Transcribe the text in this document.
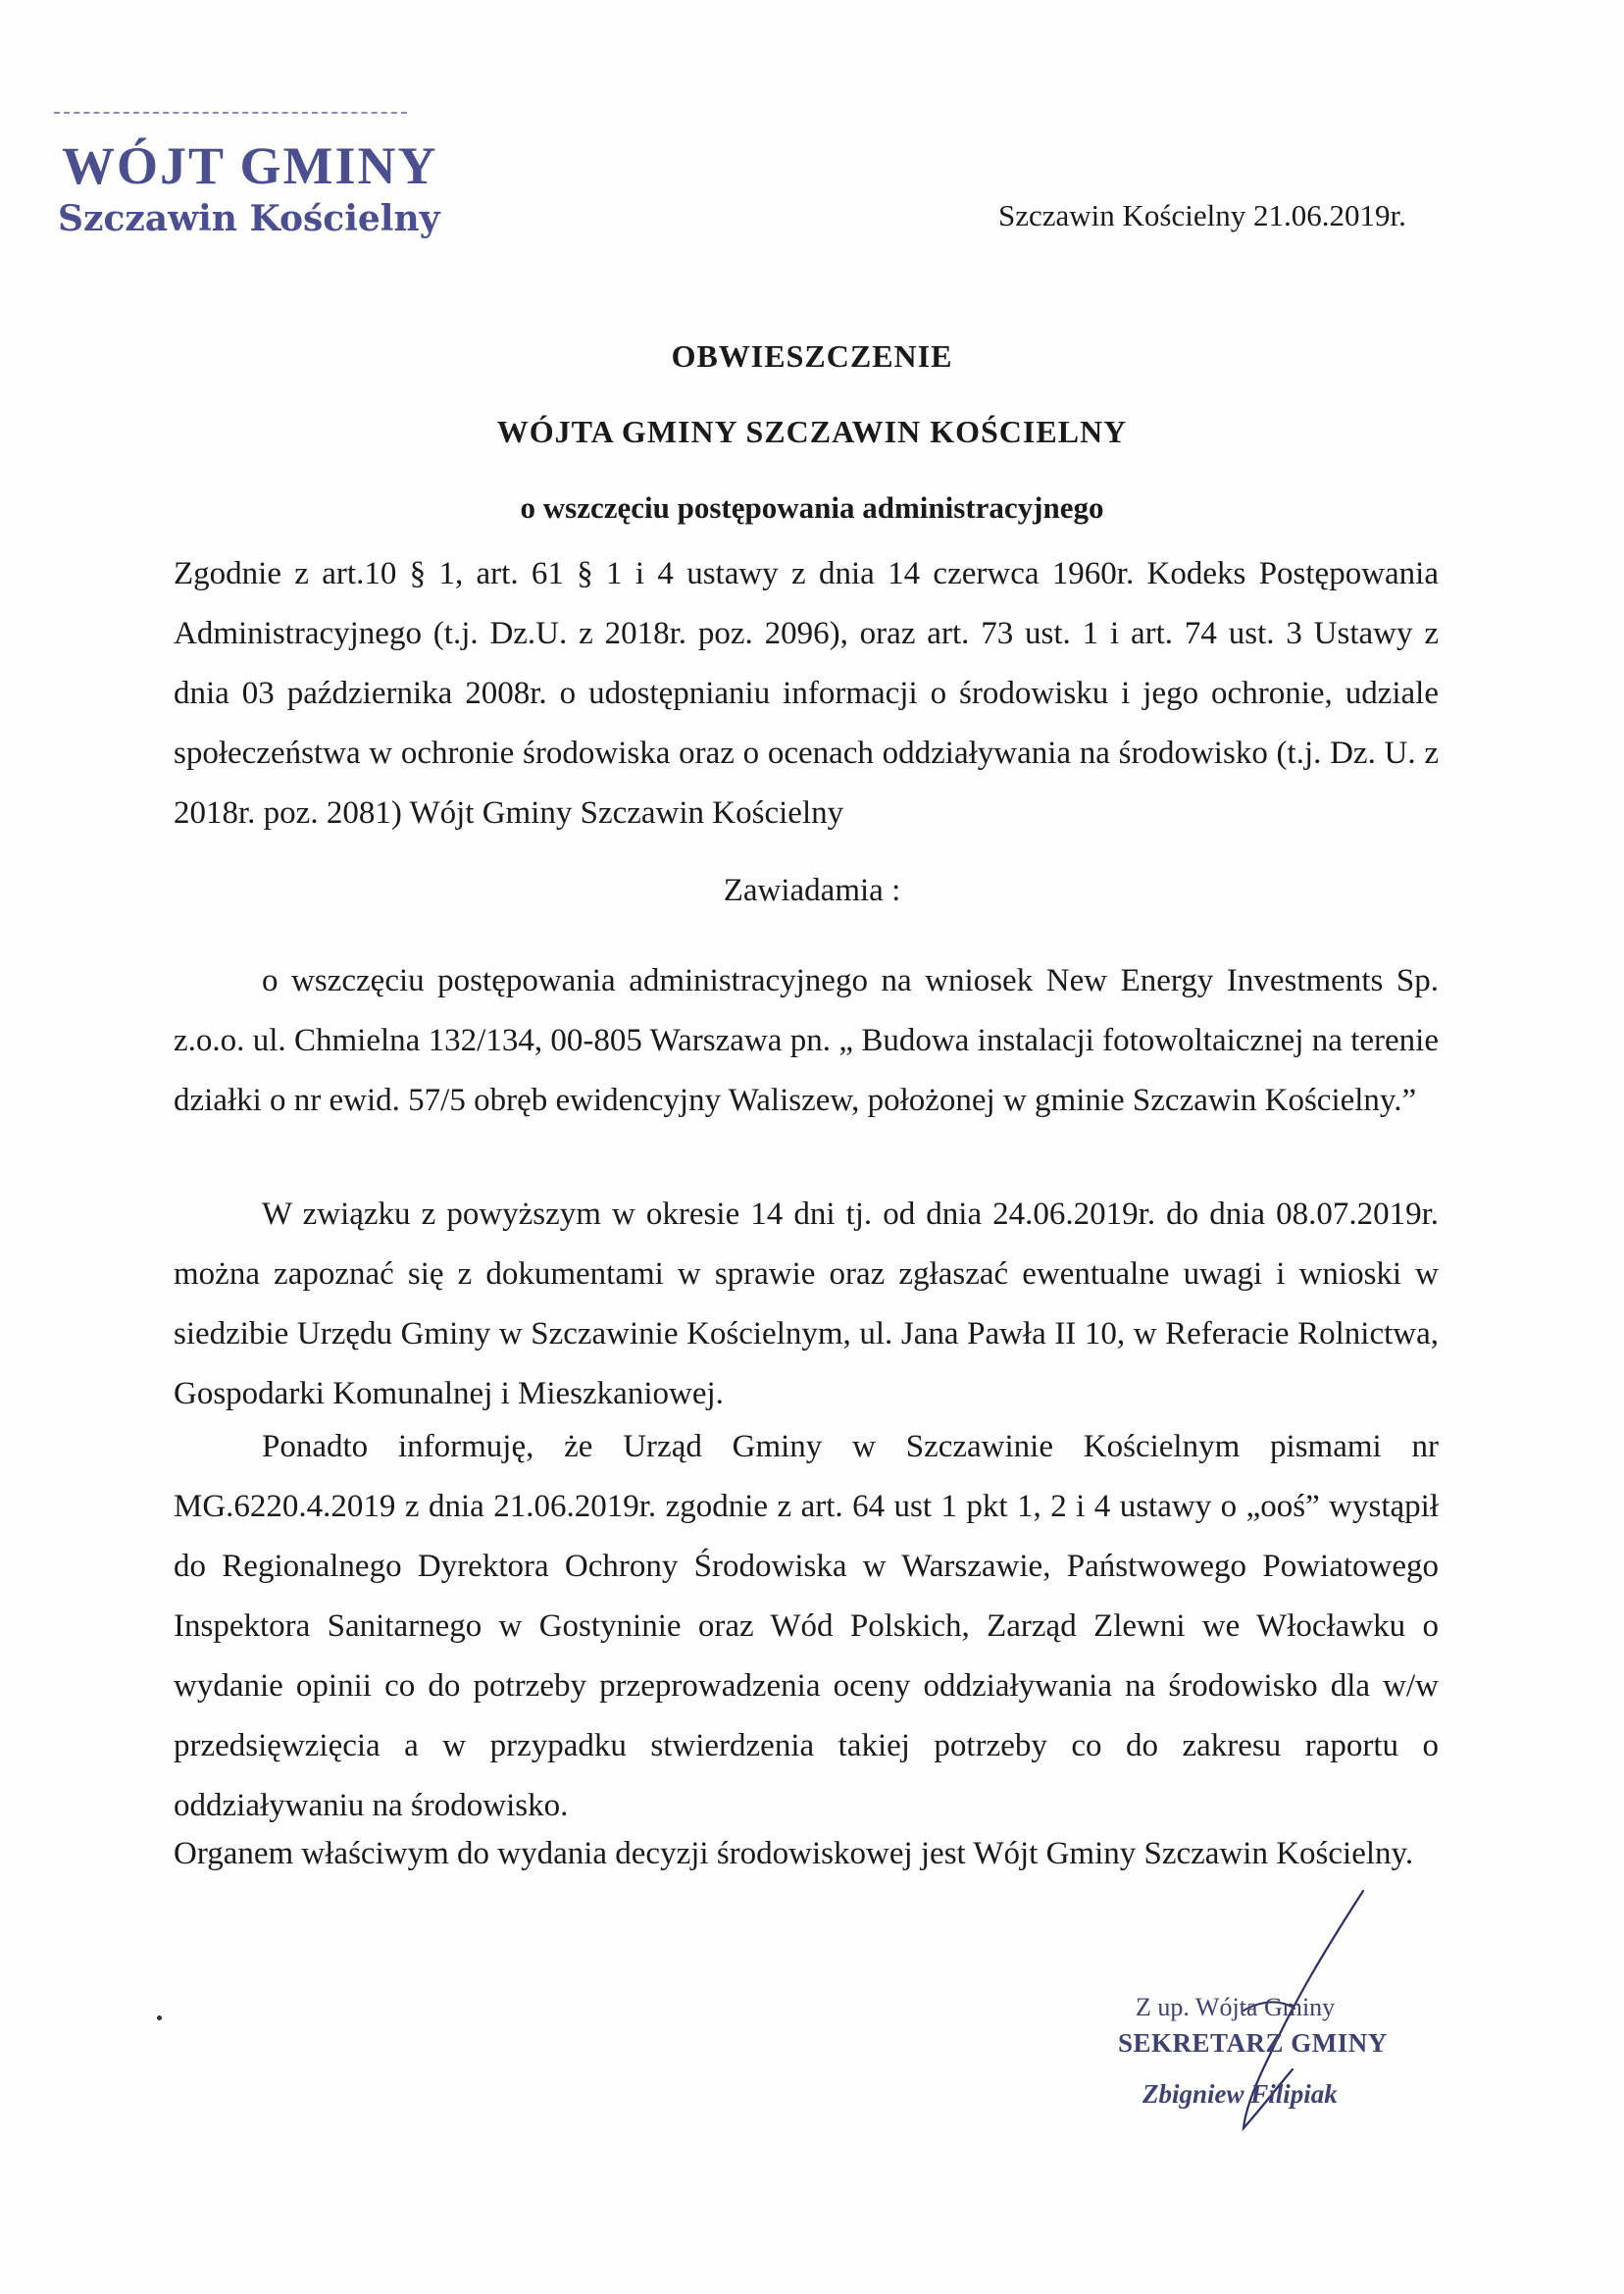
WÓJT GMINY
Szczawin Kościelny	Szczawin Kościelny 21.06.2019r.
OBWIESZCZENIE
WÓJTA GMINY SZCZAWIN KOŚCIELNY
o wszczęciu postępowania administracyjnego
Zgodnie z art.10 § 1, art. 61 § 1 i 4 ustawy z dnia 14 czerwca 1960r. Kodeks Postępowania Administracyjnego (t.j. Dz.U. z 2018r. poz. 2096), oraz art. 73 ust. 1 i art. 74 ust. 3 Ustawy z dnia 03 października 2008r. o udostępnianiu informacji o środowisku i jego ochronie, udziale społeczeństwa w ochronie środowiska oraz o ocenach oddziaływania na środowisko (t.j. Dz. U. z 2018r. poz. 2081) Wójt Gminy Szczawin Kościelny
Zawiadamia :
o wszczęciu postępowania administracyjnego na wniosek New Energy Investments Sp. z.o.o. ul. Chmielna 132/134, 00-805 Warszawa pn. „ Budowa instalacji fotowoltaicznej na terenie działki o nr ewid. 57/5 obręb ewidencyjny Waliszew, położonej w gminie Szczawin Kościelny.”
W związku z powyższym w okresie 14 dni tj. od dnia 24.06.2019r. do dnia 08.07.2019r. można zapoznać się z dokumentami w sprawie oraz zgłaszać ewentualne uwagi i wnioski w siedzibie Urzędu Gminy w Szczawinie Kościelnym, ul. Jana Pawła II 10, w Referacie Rolnictwa, Gospodarki Komunalnej i Mieszkaniowej.
Ponadto informuję, że Urząd Gminy w Szczawinie Kościelnym pismami nr MG.6220.4.2019 z dnia 21.06.2019r. zgodnie z art. 64 ust 1 pkt 1, 2 i 4 ustawy o „ooś” wystąpił do Regionalnego Dyrektora Ochrony Środowiska w Warszawie, Państwowego Powiatowego Inspektora Sanitarnego w Gostyninie oraz Wód Polskich, Zarząd Zlewni we Włocławku o wydanie opinii co do potrzeby przeprowadzenia oceny oddziaływania na środowisko dla w/w przedsięwzięcia a w przypadku stwierdzenia takiej potrzeby co do zakresu raportu o oddziaływaniu na środowisko.
Organem właściwym do wydania decyzji środowiskowej jest Wójt Gminy Szczawin Kościelny.
Z up. Wójta Gminy
SEKRETARZ GMINY
Zbigniew Filipiak
